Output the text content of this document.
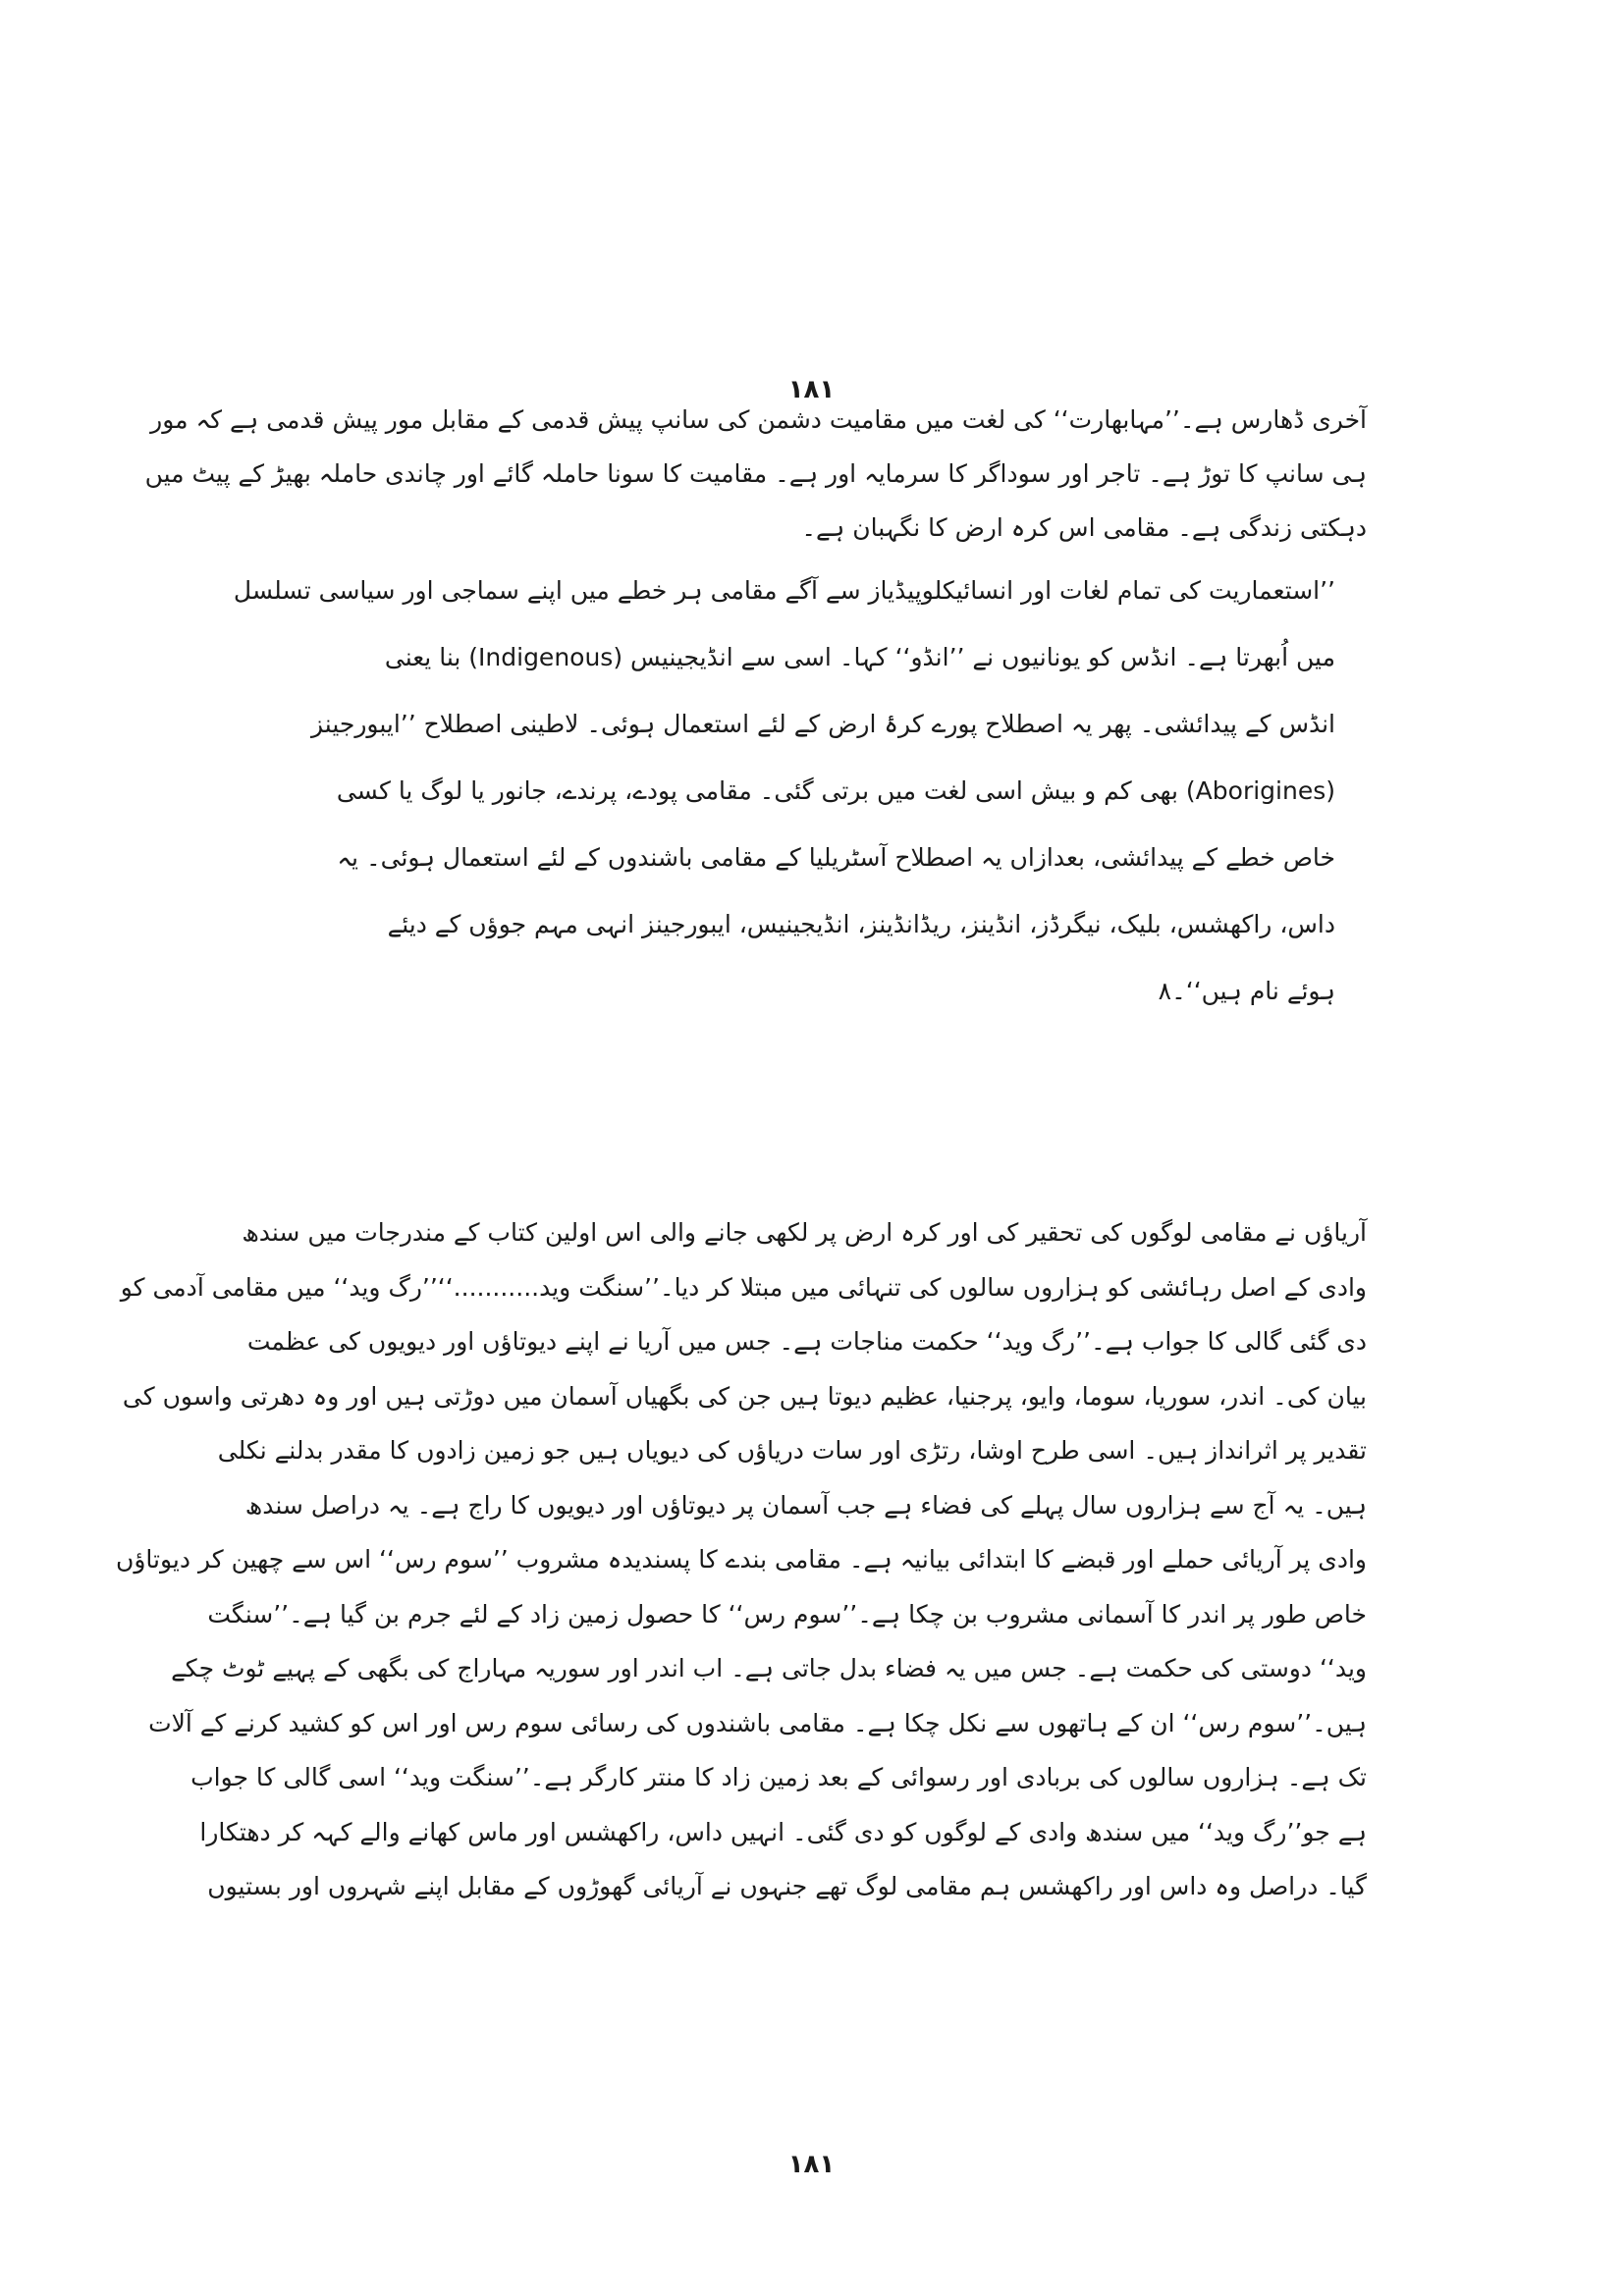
١٨١
آخری ڈھارس ہے۔’’مہابھارت‘‘ کی لغت میں مقامیت دشمن کی سانپ پیش قدمی کے مقابل مور پیش قدمی ہے کہ مور
ہی سانپ کا توڑ ہے۔ تاجر اور سوداگر کا سرمایہ اور ہے۔ مقامیت کا سونا حاملہ گائے اور چاندی حاملہ بھیڑ کے پیٹ میں
دہکتی زندگی ہے۔ مقامی اس کرہ ارض کا نگہبان ہے۔
’’استعماریت کی تمام لغات اور انسائیکلوپیڈیاز سے آگے مقامی ہر خطے میں اپنے سماجی اور سیاسی تسلسل
میں اُبھرتا ہے۔ انڈس کو یونانیوں نے ’’انڈو‘‘ کہا۔ اسی سے انڈیجینیس (Indigenous) بنا یعنی
انڈس کے پیدائشی۔ پھر یہ اصطلاح پورے کرۂ ارض کے لئے استعمال ہوئی۔ لاطینی اصطلاح ’’ایبورجینز
(Aborigines) بھی کم و بیش اسی لغت میں برتی گئی۔ مقامی پودے، پرندے، جانور یا لوگ یا کسی
خاص خطے کے پیدائشی، بعدازاں یہ اصطلاح آسٹریلیا کے مقامی باشندوں کے لئے استعمال ہوئی۔ یہ
داس، راکھشس، بلیک، نیگرڈز، انڈینز، ریڈانڈینز، انڈیجینیس، ایبورجینز انہی مہم جوؤں کے دیئے
ہوئے نام ہیں‘‘۔۸
آریاؤں نے مقامی لوگوں کی تحقیر کی اور کرہ ارض پر لکھی جانے والی اس اولین کتاب کے مندرجات میں سندھ
وادی کے اصل رہائشی کو ہزاروں سالوں کی تنہائی میں مبتلا کر دیا۔’’سنگت وید...........‘‘’’رگ وید‘‘ میں مقامی آدمی کو
دی گئی گالی کا جواب ہے۔’’رگ وید‘‘ حکمت مناجات ہے۔ جس میں آریا نے اپنے دیوتاؤں اور دیویوں کی عظمت
بیان کی۔ اندر، سوریا، سوما، وایو، پرجنیا، عظیم دیوتا ہیں جن کی بگھیاں آسمان میں دوڑتی ہیں اور وہ دھرتی واسوں کی
تقدیر پر اثرانداز ہیں۔ اسی طرح اوشا، رتڑی اور سات دریاؤں کی دیویاں ہیں جو زمین زادوں کا مقدر بدلنے نکلی
ہیں۔ یہ آج سے ہزاروں سال پہلے کی فضاء ہے جب آسمان پر دیوتاؤں اور دیویوں کا راج ہے۔ یہ دراصل سندھ
وادی پر آریائی حملے اور قبضے کا ابتدائی بیانیہ ہے۔ مقامی بندے کا پسندیدہ مشروب ’’سوم رس‘‘ اس سے چھین کر دیوتاؤں
خاص طور پر اندر کا آسمانی مشروب بن چکا ہے۔’’سوم رس‘‘ کا حصول زمین زاد کے لئے جرم بن گیا ہے۔’’سنگت
وید‘‘ دوستی کی حکمت ہے۔ جس میں یہ فضاء بدل جاتی ہے۔ اب اندر اور سوریہ مہاراج کی بگھی کے پہیے ٹوٹ چکے
ہیں۔’’سوم رس‘‘ ان کے ہاتھوں سے نکل چکا ہے۔ مقامی باشندوں کی رسائی سوم رس اور اس کو کشید کرنے کے آلات
تک ہے۔ ہزاروں سالوں کی بربادی اور رسوائی کے بعد زمین زاد کا منتر کارگر ہے۔’’سنگت وید‘‘ اسی گالی کا جواب
ہے جو’’رگ وید‘‘ میں سندھ وادی کے لوگوں کو دی گئی۔ انہیں داس، راکھشس اور ماس کھانے والے کہہ کر دھتکارا
گیا۔ دراصل وہ داس اور راکھشس ہم مقامی لوگ تھے جنہوں نے آریائی گھوڑوں کے مقابل اپنے شہروں اور بستیوں
١٨١
